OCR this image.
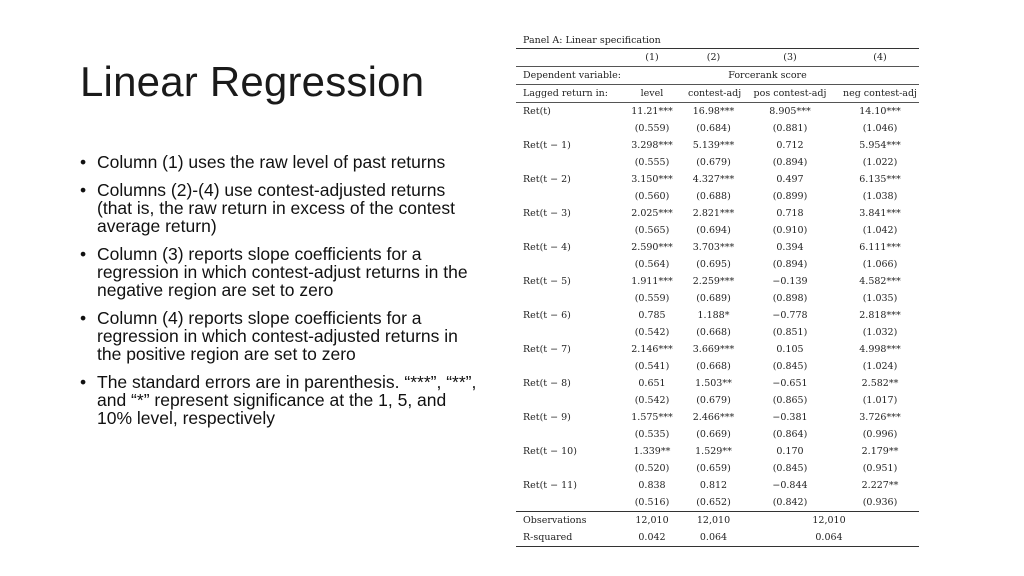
Linear Regression
• Column (1) uses the raw level of past returns
• Columns (2)-(4) use contest-adjusted returns (that is, the raw return in excess of the contest average return)
• Column (3) reports slope coefficients for a regression in which contest-adjust returns in the negative region are set to zero
• Column (4) reports slope coefficients for a regression in which contest-adjusted returns in the positive region are set to zero
• The standard errors are in parenthesis. “***”, “**”, and “*” represent significance at the 1, 5, and 10% level, respectively
Panel A: Linear specification
	(1)	(2)	(3)	(4)
Dependent variable:	Forcerank score			
Lagged return in:	level	contest-adj	pos contest-adj	neg contest-adj
Ret(t)	11.21***	16.98***	8.905***	14.10***
	(0.559)	(0.684)	(0.881)	(1.046)
Ret(t − 1)	3.298***	5.139***	0.712	5.954***
	(0.555)	(0.679)	(0.894)	(1.022)
Ret(t − 2)	3.150***	4.327***	0.497	6.135***
	(0.560)	(0.688)	(0.899)	(1.038)
Ret(t − 3)	2.025***	2.821***	0.718	3.841***
	(0.565)	(0.694)	(0.910)	(1.042)
Ret(t − 4)	2.590***	3.703***	0.394	6.111***
	(0.564)	(0.695)	(0.894)	(1.066)
Ret(t − 5)	1.911***	2.259***	−0.139	4.582***
	(0.559)	(0.689)	(0.898)	(1.035)
Ret(t − 6)	0.785	1.188*	−0.778	2.818***
	(0.542)	(0.668)	(0.851)	(1.032)
Ret(t − 7)	2.146***	3.669***	0.105	4.998***
	(0.541)	(0.668)	(0.845)	(1.024)
Ret(t − 8)	0.651	1.503**	−0.651	2.582**
	(0.542)	(0.679)	(0.865)	(1.017)
Ret(t − 9)	1.575***	2.466***	−0.381	3.726***
	(0.535)	(0.669)	(0.864)	(0.996)
Ret(t − 10)	1.339**	1.529**	0.170	2.179**
	(0.520)	(0.659)	(0.845)	(0.951)
Ret(t − 11)	0.838	0.812	−0.844	2.227**
	(0.516)	(0.652)	(0.842)	(0.936)
Observations	12,010	12,010	12,010	
R-squared	0.042	0.064	0.064	
